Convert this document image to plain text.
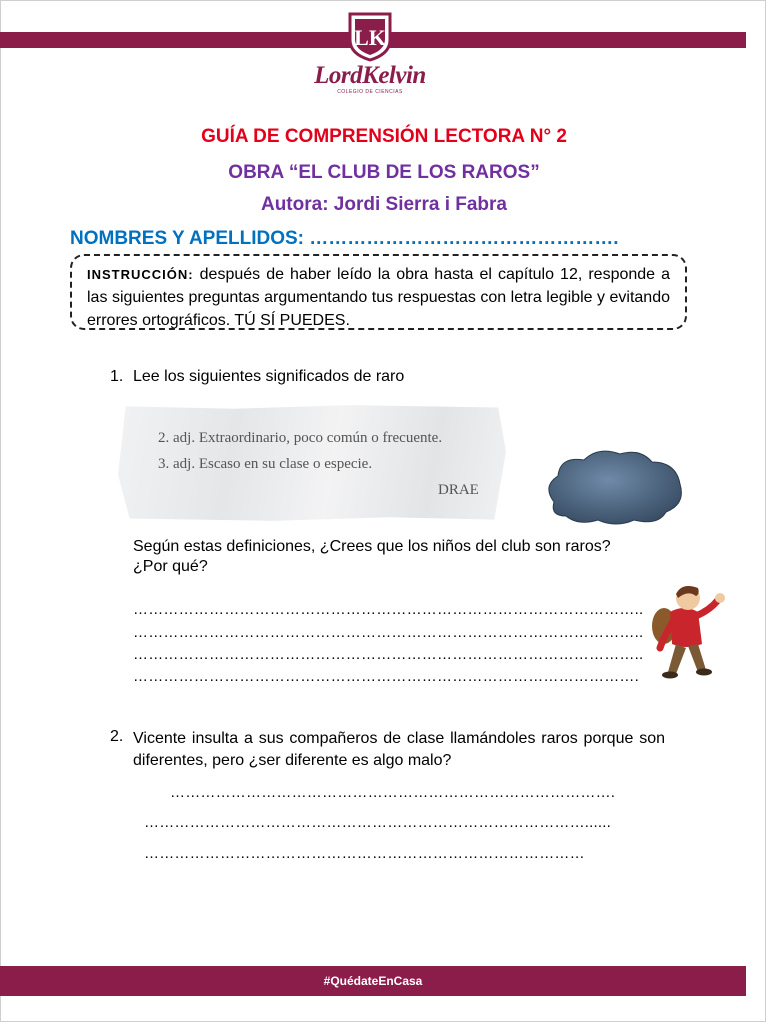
LK
LordKelvin
COLEGIO DE CIENCIAS
GUÍA DE COMPRENSIÓN LECTORA N° 2
OBRA “EL CLUB DE LOS RAROS”
Autora: Jordi Sierra i Fabra
NOMBRES Y APELLIDOS: ………………………………………….
INSTRUCCIÓN: después de haber leído la obra hasta el capítulo 12, responde a las siguientes preguntas argumentando tus respuestas con letra legible y evitando errores ortográficos. TÚ SÍ PUEDES.
1. Lee los siguientes significados de raro
2. adj. Extraordinario, poco común o frecuente.
3. adj. Escaso en su clase o especie.
DRAE
Según estas definiciones, ¿Crees que los niños del club son raros?
¿Por qué?
………………………………………………………………………………………..
………………………………………………………………………………………..
………………………………………………………………………………………..
……………………………………………………………………………………….
2. Vicente insulta a sus compañeros de clase llamándoles raros porque son diferentes, pero ¿ser diferente es algo malo?
…………………………………………………………………………….
……………………………………………………………………………......
……………………………………………………………………………
#QuédateEnCasa
